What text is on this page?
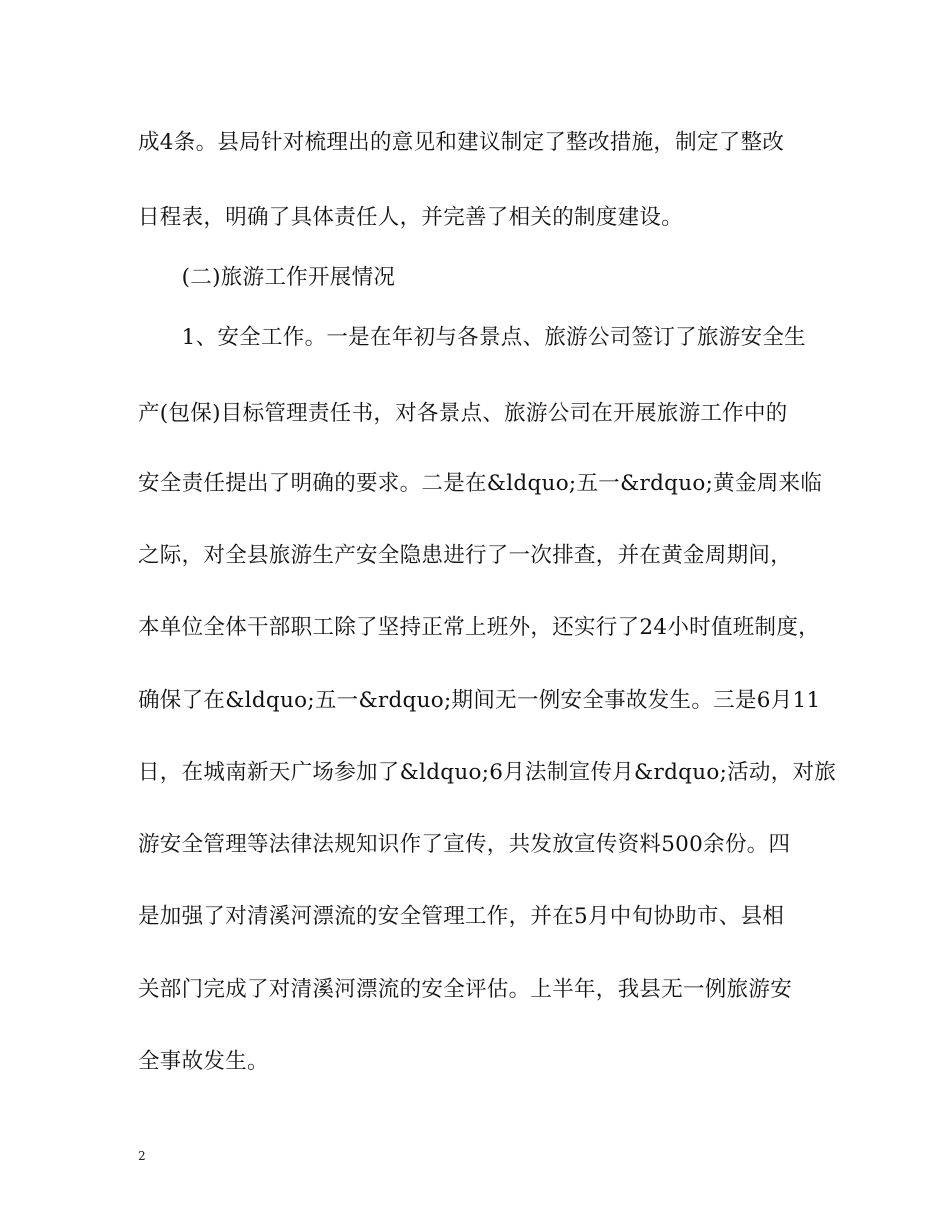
成4条。县局针对梳理出的意见和建议制定了整改措施，制定了整改
日程表，明确了具体责任人，并完善了相关的制度建设。
　　(二)旅游工作开展情况
　　1、安全工作。一是在年初与各景点、旅游公司签订了旅游安全生
产(包保)目标管理责任书，对各景点、旅游公司在开展旅游工作中的
安全责任提出了明确的要求。二是在&ldquo;五一&rdquo;黄金周来临
之际，对全县旅游生产安全隐患进行了一次排查，并在黄金周期间，
本单位全体干部职工除了坚持正常上班外，还实行了24小时值班制度，
确保了在&ldquo;五一&rdquo;期间无一例安全事故发生。三是6月11
日，在城南新天广场参加了&ldquo;6月法制宣传月&rdquo;活动，对旅
游安全管理等法律法规知识作了宣传，共发放宣传资料500余份。四
是加强了对清溪河漂流的安全管理工作，并在5月中旬协助市、县相
关部门完成了对清溪河漂流的安全评估。上半年，我县无一例旅游安
全事故发生。
2
